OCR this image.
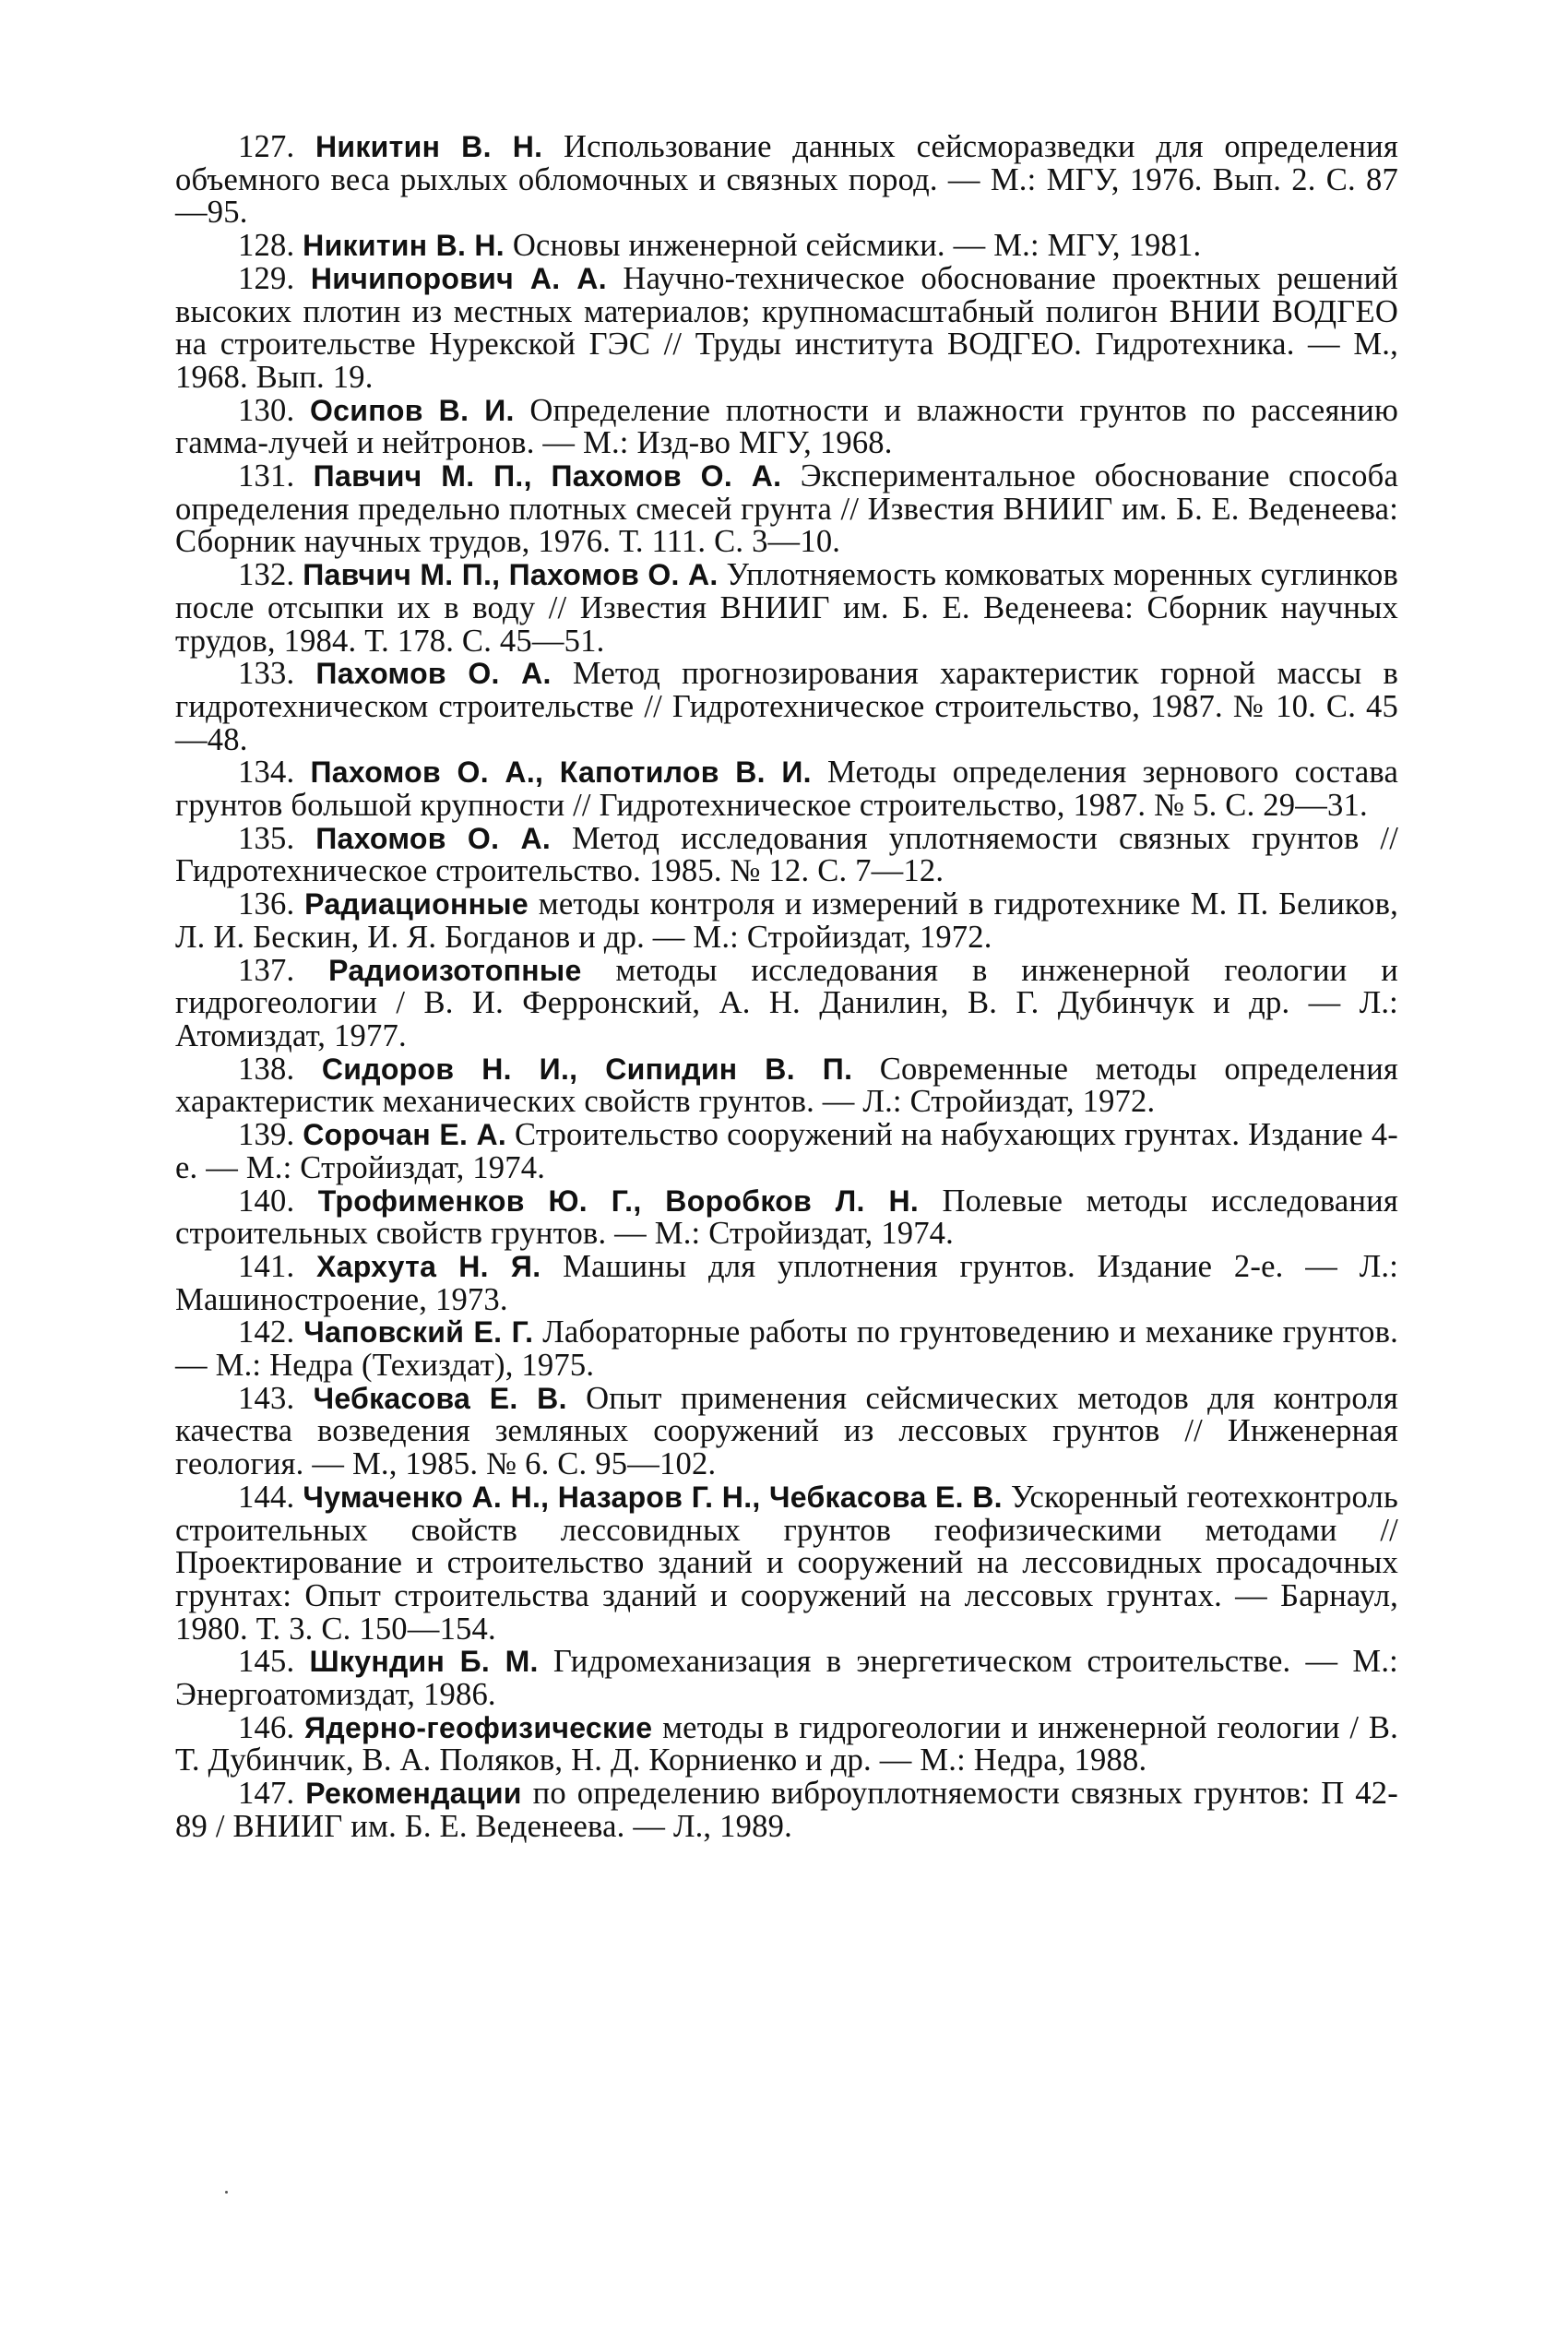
127. Никитин В. Н. Использование данных сейсморазведки для определения объемного веса рыхлых обломочных и связных пород. — М.: МГУ, 1976. Вып. 2. С. 87—95.

128. Никитин В. Н. Основы инженерной сейсмики. — М.: МГУ, 1981.

129. Ничипорович А. А. Научно-техническое обоснование проектных решений высоких плотин из местных материалов; крупномасштабный полигон ВНИИ ВОДГЕО на строительстве Нурекской ГЭС // Труды института ВОДГЕО. Гидротехника. — М., 1968. Вып. 19.

130. Осипов В. И. Определение плотности и влажности грунтов по рассеянию гамма-лучей и нейтронов. — М.: Изд-во МГУ, 1968.

131. Павчич М. П., Пахомов О. А. Экспериментальное обоснование способа определения предельно плотных смесей грунта // Известия ВНИИГ им. Б. Е. Веденеева: Сборник научных трудов, 1976. Т. 111. С. 3—10.

132. Павчич М. П., Пахомов О. А. Уплотняемость комковатых моренных суглинков после отсыпки их в воду // Известия ВНИИГ им. Б. Е. Веденеева: Сборник научных трудов, 1984. Т. 178. С. 45—51.

133. Пахомов О. А. Метод прогнозирования характеристик горной массы в гидротехническом строительстве // Гидротехническое строительство, 1987. № 10. С. 45—48.

134. Пахомов О. А., Капотилов В. И. Методы определения зернового состава грунтов большой крупности // Гидротехническое строительство, 1987. № 5. С. 29—31.

135. Пахомов О. А. Метод исследования уплотняемости связных грунтов // Гидротехническое строительство. 1985. № 12. С. 7—12.

136. Радиационные методы контроля и измерений в гидротехнике М. П. Беликов, Л. И. Бескин, И. Я. Богданов и др. — М.: Стройиздат, 1972.

137. Радиоизотопные методы исследования в инженерной геологии и гидрогеологии / В. И. Ферронский, А. Н. Данилин, В. Г. Дубинчук и др. — Л.: Атомиздат, 1977.

138. Сидоров Н. И., Сипидин В. П. Современные методы определения характеристик механических свойств грунтов. — Л.: Стройиздат, 1972.

139. Сорочан Е. А. Строительство сооружений на набухающих грунтах. Издание 4-е. — М.: Стройиздат, 1974.

140. Трофименков Ю. Г., Воробков Л. Н. Полевые методы исследования строительных свойств грунтов. — М.: Стройиздат, 1974.

141. Хархута Н. Я. Машины для уплотнения грунтов. Издание 2-е. — Л.: Машиностроение, 1973.

142. Чаповский Е. Г. Лабораторные работы по грунтоведению и механике грунтов. — М.: Недра (Техиздат), 1975.

143. Чебкасова Е. В. Опыт применения сейсмических методов для контроля качества возведения земляных сооружений из лессовых грунтов // Инженерная геология. — М., 1985. № 6. С. 95—102.

144. Чумаченко А. Н., Назаров Г. Н., Чебкасова Е. В. Ускоренный геотехконтроль строительных свойств лессовидных грунтов геофизическими методами // Проектирование и строительство зданий и сооружений на лессовидных просадочных грунтах: Опыт строительства зданий и сооружений на лессовых грунтах. — Барнаул, 1980. Т. 3. С. 150—154.

145. Шкундин Б. М. Гидромеханизация в энергетическом строительстве. — М.: Энергоатомиздат, 1986.

146. Ядерно-геофизические методы в гидрогеологии и инженерной геологии / В. Т. Дубинчик, В. А. Поляков, Н. Д. Корниенко и др. — М.: Недра, 1988.

147. Рекомендации по определению виброуплотняемости связных грунтов: П 42-89 / ВНИИГ им. Б. Е. Веденеева. — Л., 1989.
